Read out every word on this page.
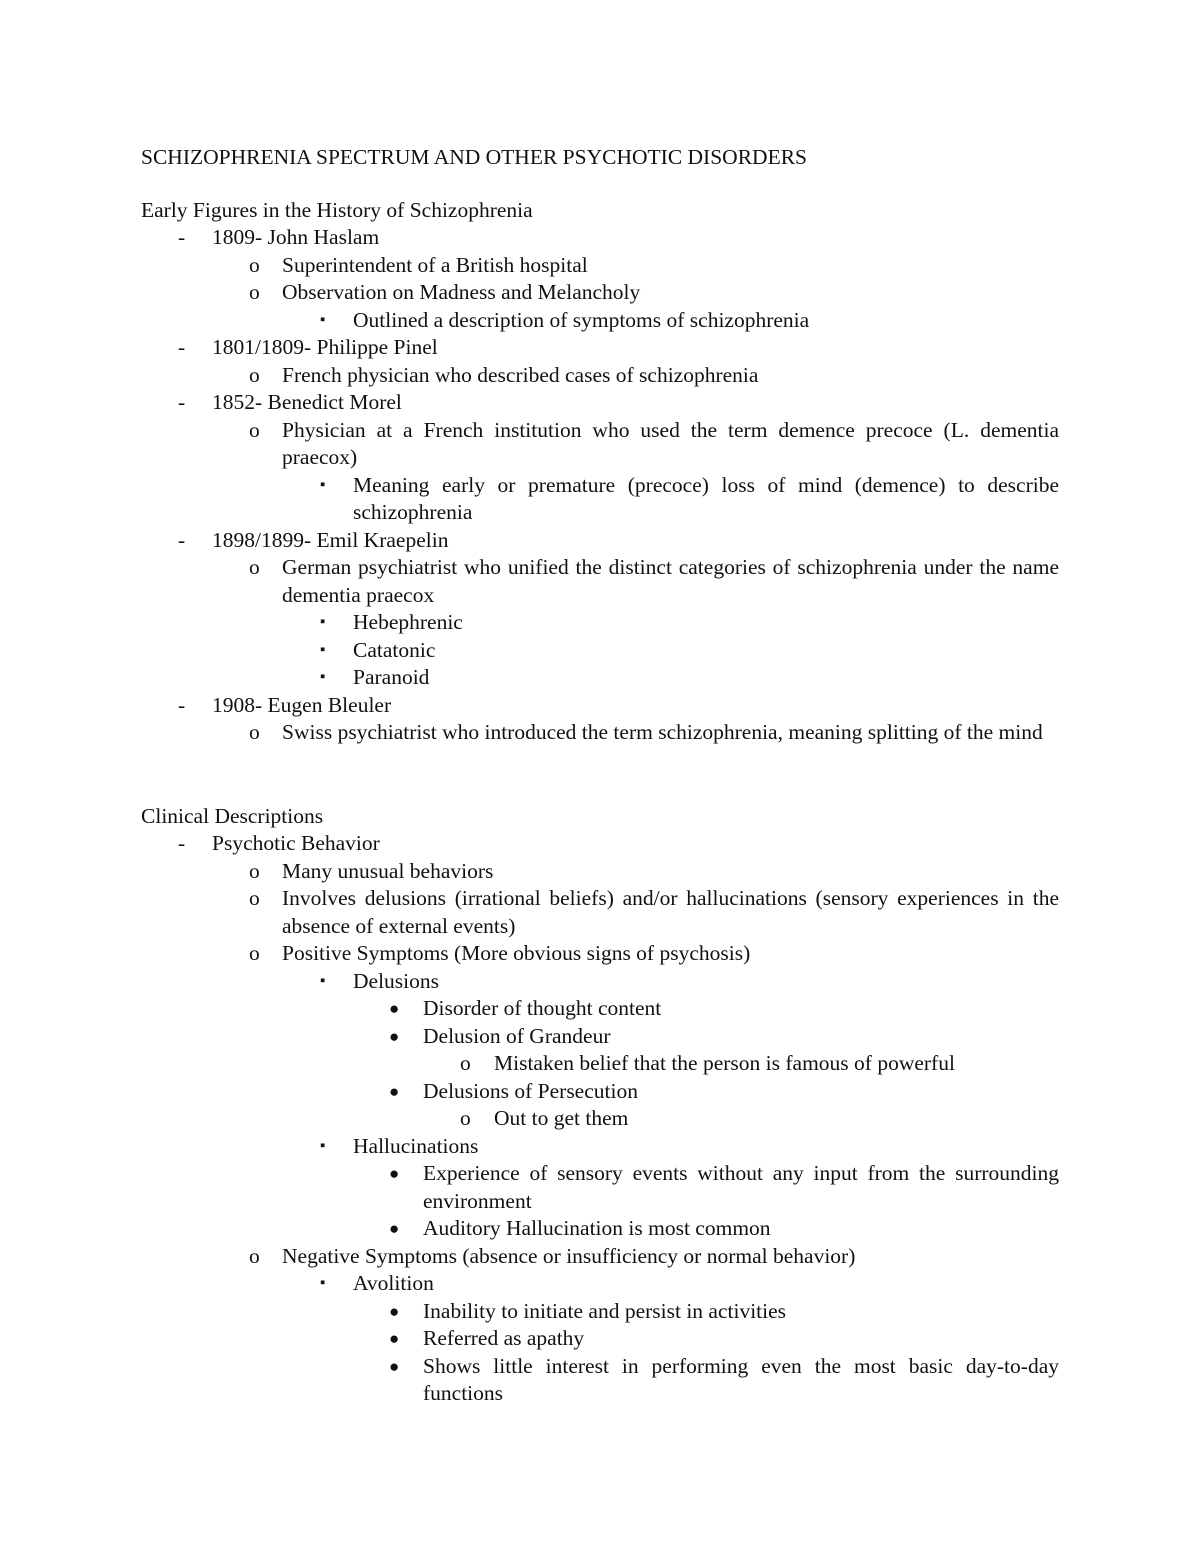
SCHIZOPHRENIA SPECTRUM AND OTHER PSYCHOTIC DISORDERS
Early Figures in the History of Schizophrenia
- 1809- John Haslam
o Superintendent of a British hospital
o Observation on Madness and Melancholy
▪ Outlined a description of symptoms of schizophrenia
- 1801/1809- Philippe Pinel
o French physician who described cases of schizophrenia
- 1852- Benedict Morel
o Physician at a French institution who used the term demence precoce (L. dementia praecox)
▪ Meaning early or premature (precoce) loss of mind (demence) to describe schizophrenia
- 1898/1899- Emil Kraepelin
o German psychiatrist who unified the distinct categories of schizophrenia under the name dementia praecox
▪ Hebephrenic
▪ Catatonic
▪ Paranoid
- 1908- Eugen Bleuler
o Swiss psychiatrist who introduced the term schizophrenia, meaning splitting of the mind
Clinical Descriptions
- Psychotic Behavior
o Many unusual behaviors
o Involves delusions (irrational beliefs) and/or hallucinations (sensory experiences in the absence of external events)
o Positive Symptoms (More obvious signs of psychosis)
▪ Delusions
● Disorder of thought content
● Delusion of Grandeur
o Mistaken belief that the person is famous of powerful
● Delusions of Persecution
o Out to get them
▪ Hallucinations
● Experience of sensory events without any input from the surrounding environment
● Auditory Hallucination is most common
o Negative Symptoms (absence or insufficiency or normal behavior)
▪ Avolition
● Inability to initiate and persist in activities
● Referred as apathy
● Shows little interest in performing even the most basic day-to-day functions
